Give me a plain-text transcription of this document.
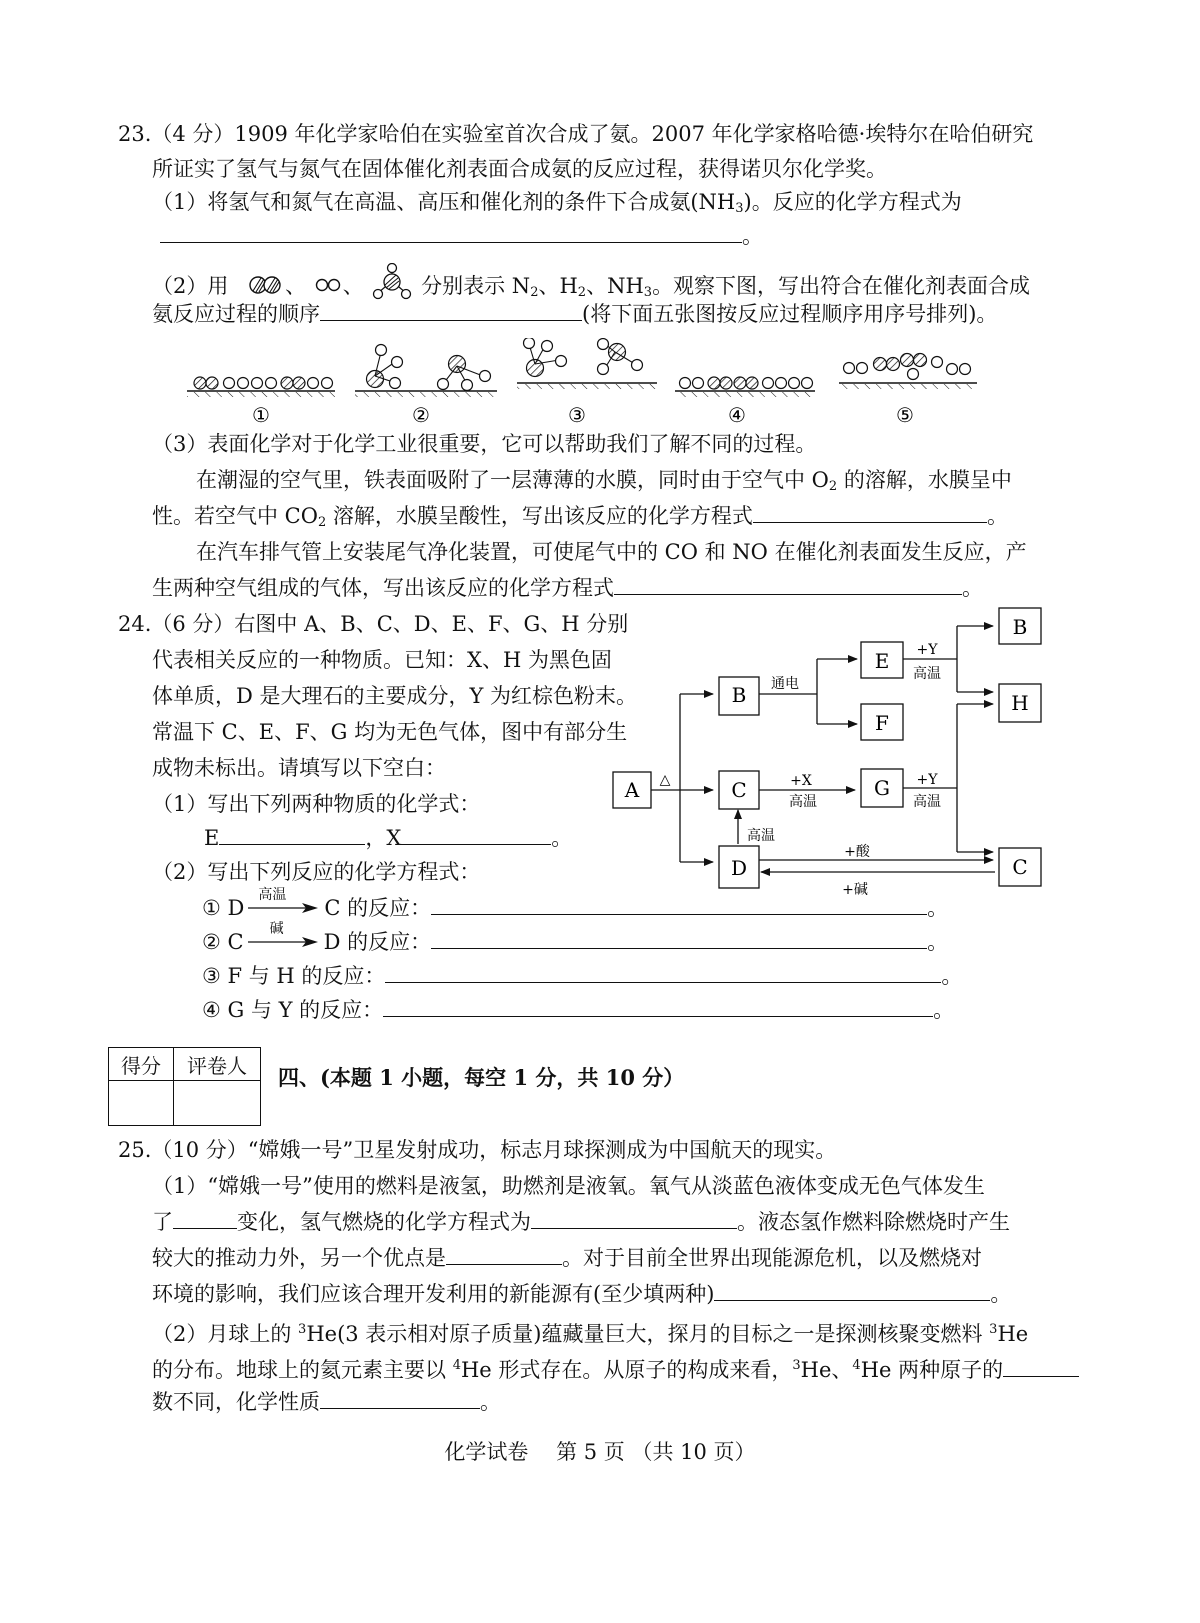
23.（4 分）1909 年化学家哈伯在实验室首次合成了氨。2007 年化学家格哈德·埃特尔在哈伯研究
所证实了氢气与氮气在固体催化剂表面合成氨的反应过程，获得诺贝尔化学奖。
（1）将氢气和氮气在高温、高压和催化剂的条件下合成氨$(NH_3)$。反应的化学方程式为
。
（2）用	、 、	分别表示 $N_2$、$H_2$、$NH_3$。观察下图，写出符合在催化剂表面合成
氨反应过程的顺序	(将下面五张图按反应过程顺序用序号排列)。
①	②	③	④	⑤
（3）表面化学对于化学工业很重要，它可以帮助我们了解不同的过程。
在潮湿的空气里，铁表面吸附了一层薄薄的水膜，同时由于空气中 $O_2$ 的溶解，水膜呈中
性。若空气中 $CO_2$ 溶解，水膜呈酸性，写出该反应的化学方程式	。
在汽车排气管上安装尾气净化装置，可使尾气中的 CO 和 NO 在催化剂表面发生反应，产
生两种空气组成的气体，写出该反应的化学方程式	。
24.（6 分）右图中 A、B、C、D、E、F、G、H 分别
代表相关反应的一种物质。已知：X、H 为黑色固
体单质，D 是大理石的主要成分，Y 为红棕色粉末。
常温下 C、E、F、G 均为无色气体，图中有部分生
成物未标出。请填写以下空白：
（1）写出下列两种物质的化学式：
E	，X	。
（2）写出下列反应的化学方程式：
① D
高温
C 的反应：	。
② C
碱
D 的反应：	。
③ F 与 H 的反应：	。
④ G 与 Y 的反应：	。
A
B
C
D
E
F
G
B
H
C
△
通电
+Y
高温
+X
高温
+Y
高温
高温
+酸
+碱
得分	评卷人
	四、(本题 1 小题，每空 1 分，共 10 分）
25.（10 分）“嫦娥一号”卫星发射成功，标志月球探测成为中国航天的现实。
（1）“嫦娥一号”使用的燃料是液氢，助燃剂是液氧。氧气从淡蓝色液体变成无色气体发生
了	变化，氢气燃烧的化学方程式为	。液态氢作燃料除燃烧时产生
较大的推动力外，另一个优点是	。对于目前全世界出现能源危机，以及燃烧对
环境的影响，我们应该合理开发利用的新能源有(至少填两种)	。
（2）月球上的 $^3$He(3 表示相对原子质量)蕴藏量巨大，探月的目标之一是探测核聚变燃料 $^3$He
的分布。地球上的氦元素主要以 $^4$He 形式存在。从原子的构成来看，$^3$He、$^4$He 两种原子的
数不同，化学性质	。
化学试卷　 第 5 页 （共 10 页）
